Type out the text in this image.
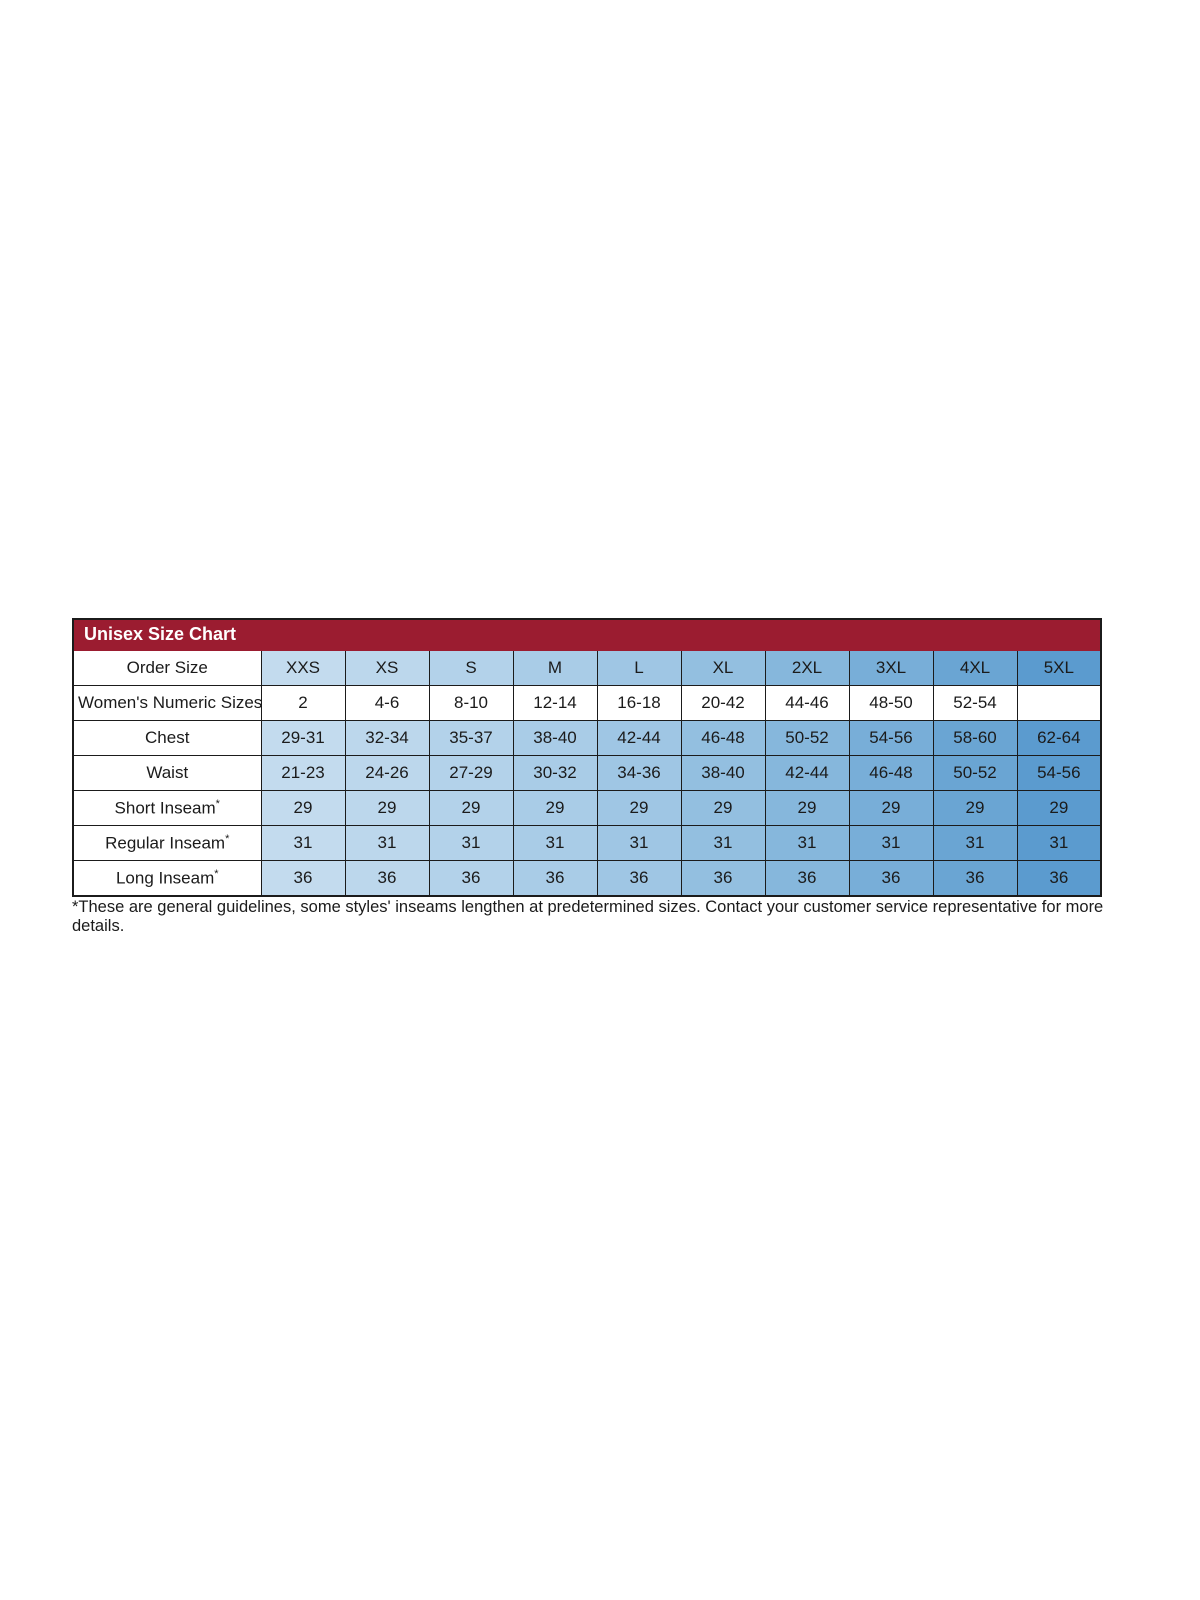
Unisex Size Chart										
Order Size	XXS	XS	S	M	L	XL	2XL	3XL	4XL	5XL
Women's Numeric Sizes	2	4-6	8-10	12-14	16-18	20-42	44-46	48-50	52-54	
Chest	29-31	32-34	35-37	38-40	42-44	46-48	50-52	54-56	58-60	62-64
Waist	21-23	24-26	27-29	30-32	34-36	38-40	42-44	46-48	50-52	54-56
Short Inseam*	29	29	29	29	29	29	29	29	29	29
Regular Inseam*	31	31	31	31	31	31	31	31	31	31
Long Inseam*	36	36	36	36	36	36	36	36	36	36
*These are general guidelines, some styles' inseams lengthen at predetermined sizes. Contact your customer service representative for more details.
